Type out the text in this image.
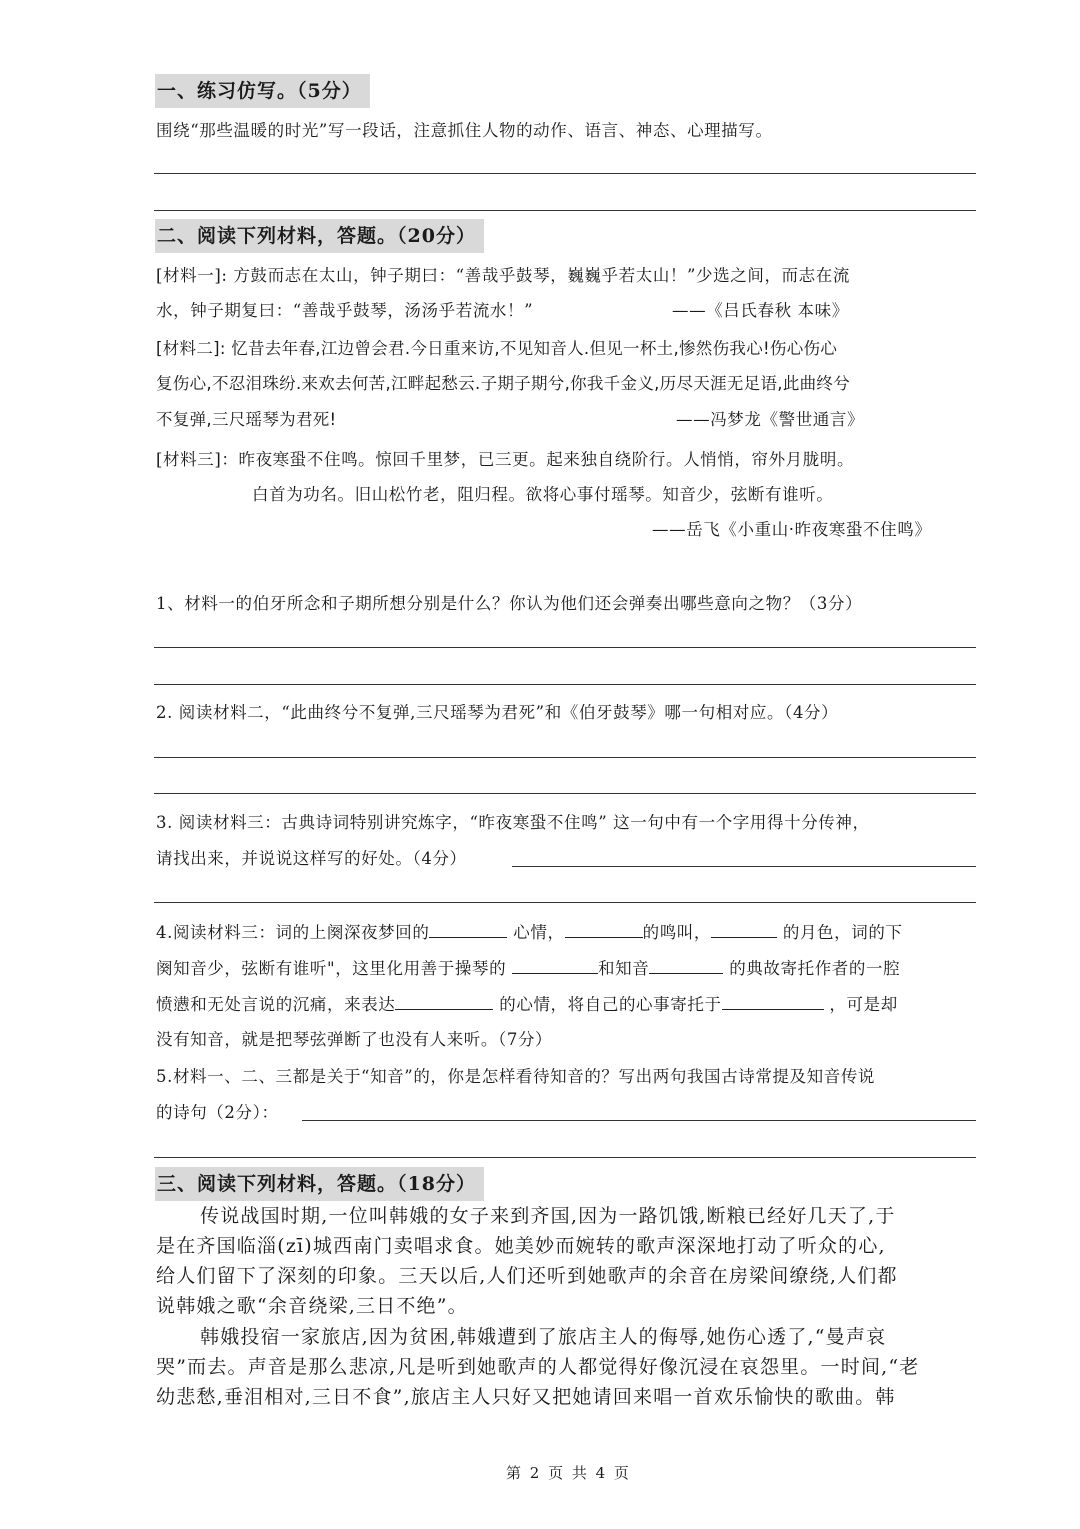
一、练习仿写。（5分）
围绕“那些温暖的时光”写一段话，注意抓住人物的动作、语言、神态、心理描写。
二、阅读下列材料，答题。（20分）
[材料一]: 方鼓而志在太山，钟子期曰：“善哉乎鼓琴，巍巍乎若太山！”少选之间，而志在流
水，钟子期复曰：“善哉乎鼓琴，汤汤乎若流水！”	——《吕氏春秋 本味》
[材料二]: 忆昔去年春,江边曾会君.今日重来访,不见知音人.但见一杯土,惨然伤我心!伤心伤心
复伤心,不忍泪珠纷.来欢去何苦,江畔起愁云.子期子期兮,你我千金义,历尽天涯无足语,此曲终兮
不复弹,三尺瑶琴为君死!	——冯梦龙《警世通言》
[材料三]：昨夜寒蛩不住鸣。惊回千里梦，已三更。起来独自绕阶行。人悄悄，帘外月胧明。
白首为功名。旧山松竹老，阻归程。欲将心事付瑶琴。知音少，弦断有谁听。
——岳飞《小重山·昨夜寒蛩不住鸣》
1、材料一的伯牙所念和子期所想分别是什么？你认为他们还会弹奏出哪些意向之物？（3分）
2. 阅读材料二，“此曲终兮不复弹,三尺瑶琴为君死”和《伯牙鼓琴》哪一句相对应。（4分）
3. 阅读材料三：古典诗词特别讲究炼字，“昨夜寒蛩不住鸣” 这一句中有一个字用得十分传神，
请找出来，并说说这样写的好处。（4分）
4.阅读材料三：词的上阕深夜梦回的	心情，	的鸣叫，	的月色，词的下
阕知音少，弦断有谁听"，这里化用善于操琴的	和知音	的典故寄托作者的一腔
愤懑和无处言说的沉痛，来表达	的心情，将自己的心事寄托于	，可是却
没有知音，就是把琴弦弹断了也没有人来听。（7分）
5.材料一、二、三都是关于“知音”的，你是怎样看待知音的？写出两句我国古诗常提及知音传说
的诗句（2分）：
三、阅读下列材料，答题。（18分）
传说战国时期,一位叫韩娥的女子来到齐国,因为一路饥饿,断粮已经好几天了,于
是在齐国临淄(zī)城西南门卖唱求食。她美妙而婉转的歌声深深地打动了听众的心,
给人们留下了深刻的印象。三天以后,人们还听到她歌声的余音在房梁间缭绕,人们都
说韩娥之歌“余音绕梁,三日不绝”。
韩娥投宿一家旅店,因为贫困,韩娥遭到了旅店主人的侮辱,她伤心透了,“曼声哀
哭”而去。声音是那么悲凉,凡是听到她歌声的人都觉得好像沉浸在哀怨里。一时间,“老
幼悲愁,垂泪相对,三日不食”,旅店主人只好又把她请回来唱一首欢乐愉快的歌曲。韩
第 2 页 共 4 页
